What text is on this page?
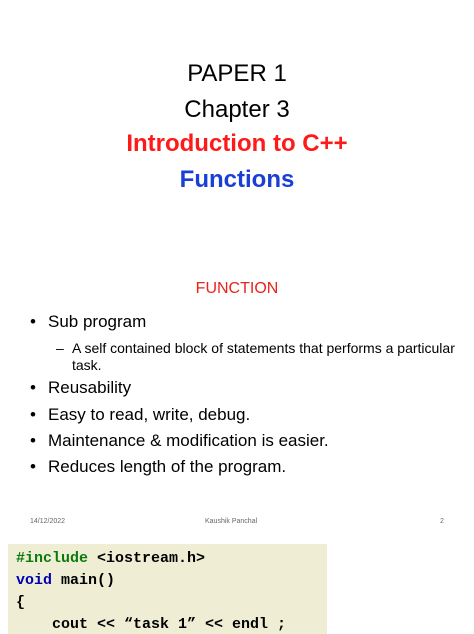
PAPER 1
Chapter 3
Introduction to C++
Functions
FUNCTION
• Sub program
– A self contained block of statements that performs a particular task.
• Reusability
• Easy to read, write, debug.
• Maintenance & modification is easier.
• Reduces length of the program.
14/12/2022	Kaushik Panchal	2
#include <iostream.h>
void main()
{
cout << “task 1” << endl ;
